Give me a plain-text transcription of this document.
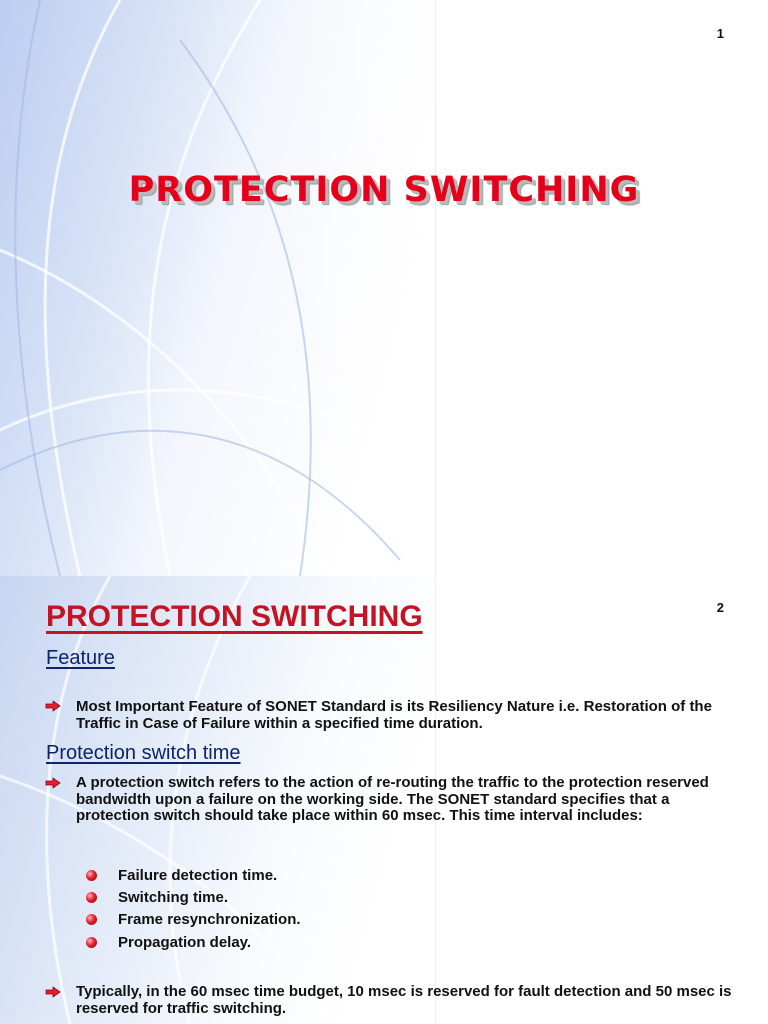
1
PROTECTION SWITCHING
2
PROTECTION SWITCHING
Feature
Most Important Feature of SONET Standard is its Resiliency Nature i.e. Restoration of the Traffic in Case of Failure within a specified time duration.
Protection switch time
A protection switch refers to the action of re-routing the traffic to the protection reserved bandwidth upon a failure on the working side. The SONET standard specifies that a protection switch should take place within 60 msec. This time interval includes:
Failure detection time.
Switching time.
Frame resynchronization.
Propagation delay.
Typically, in the 60 msec time budget, 10 msec is reserved for fault detection and 50 msec is reserved for traffic switching.
